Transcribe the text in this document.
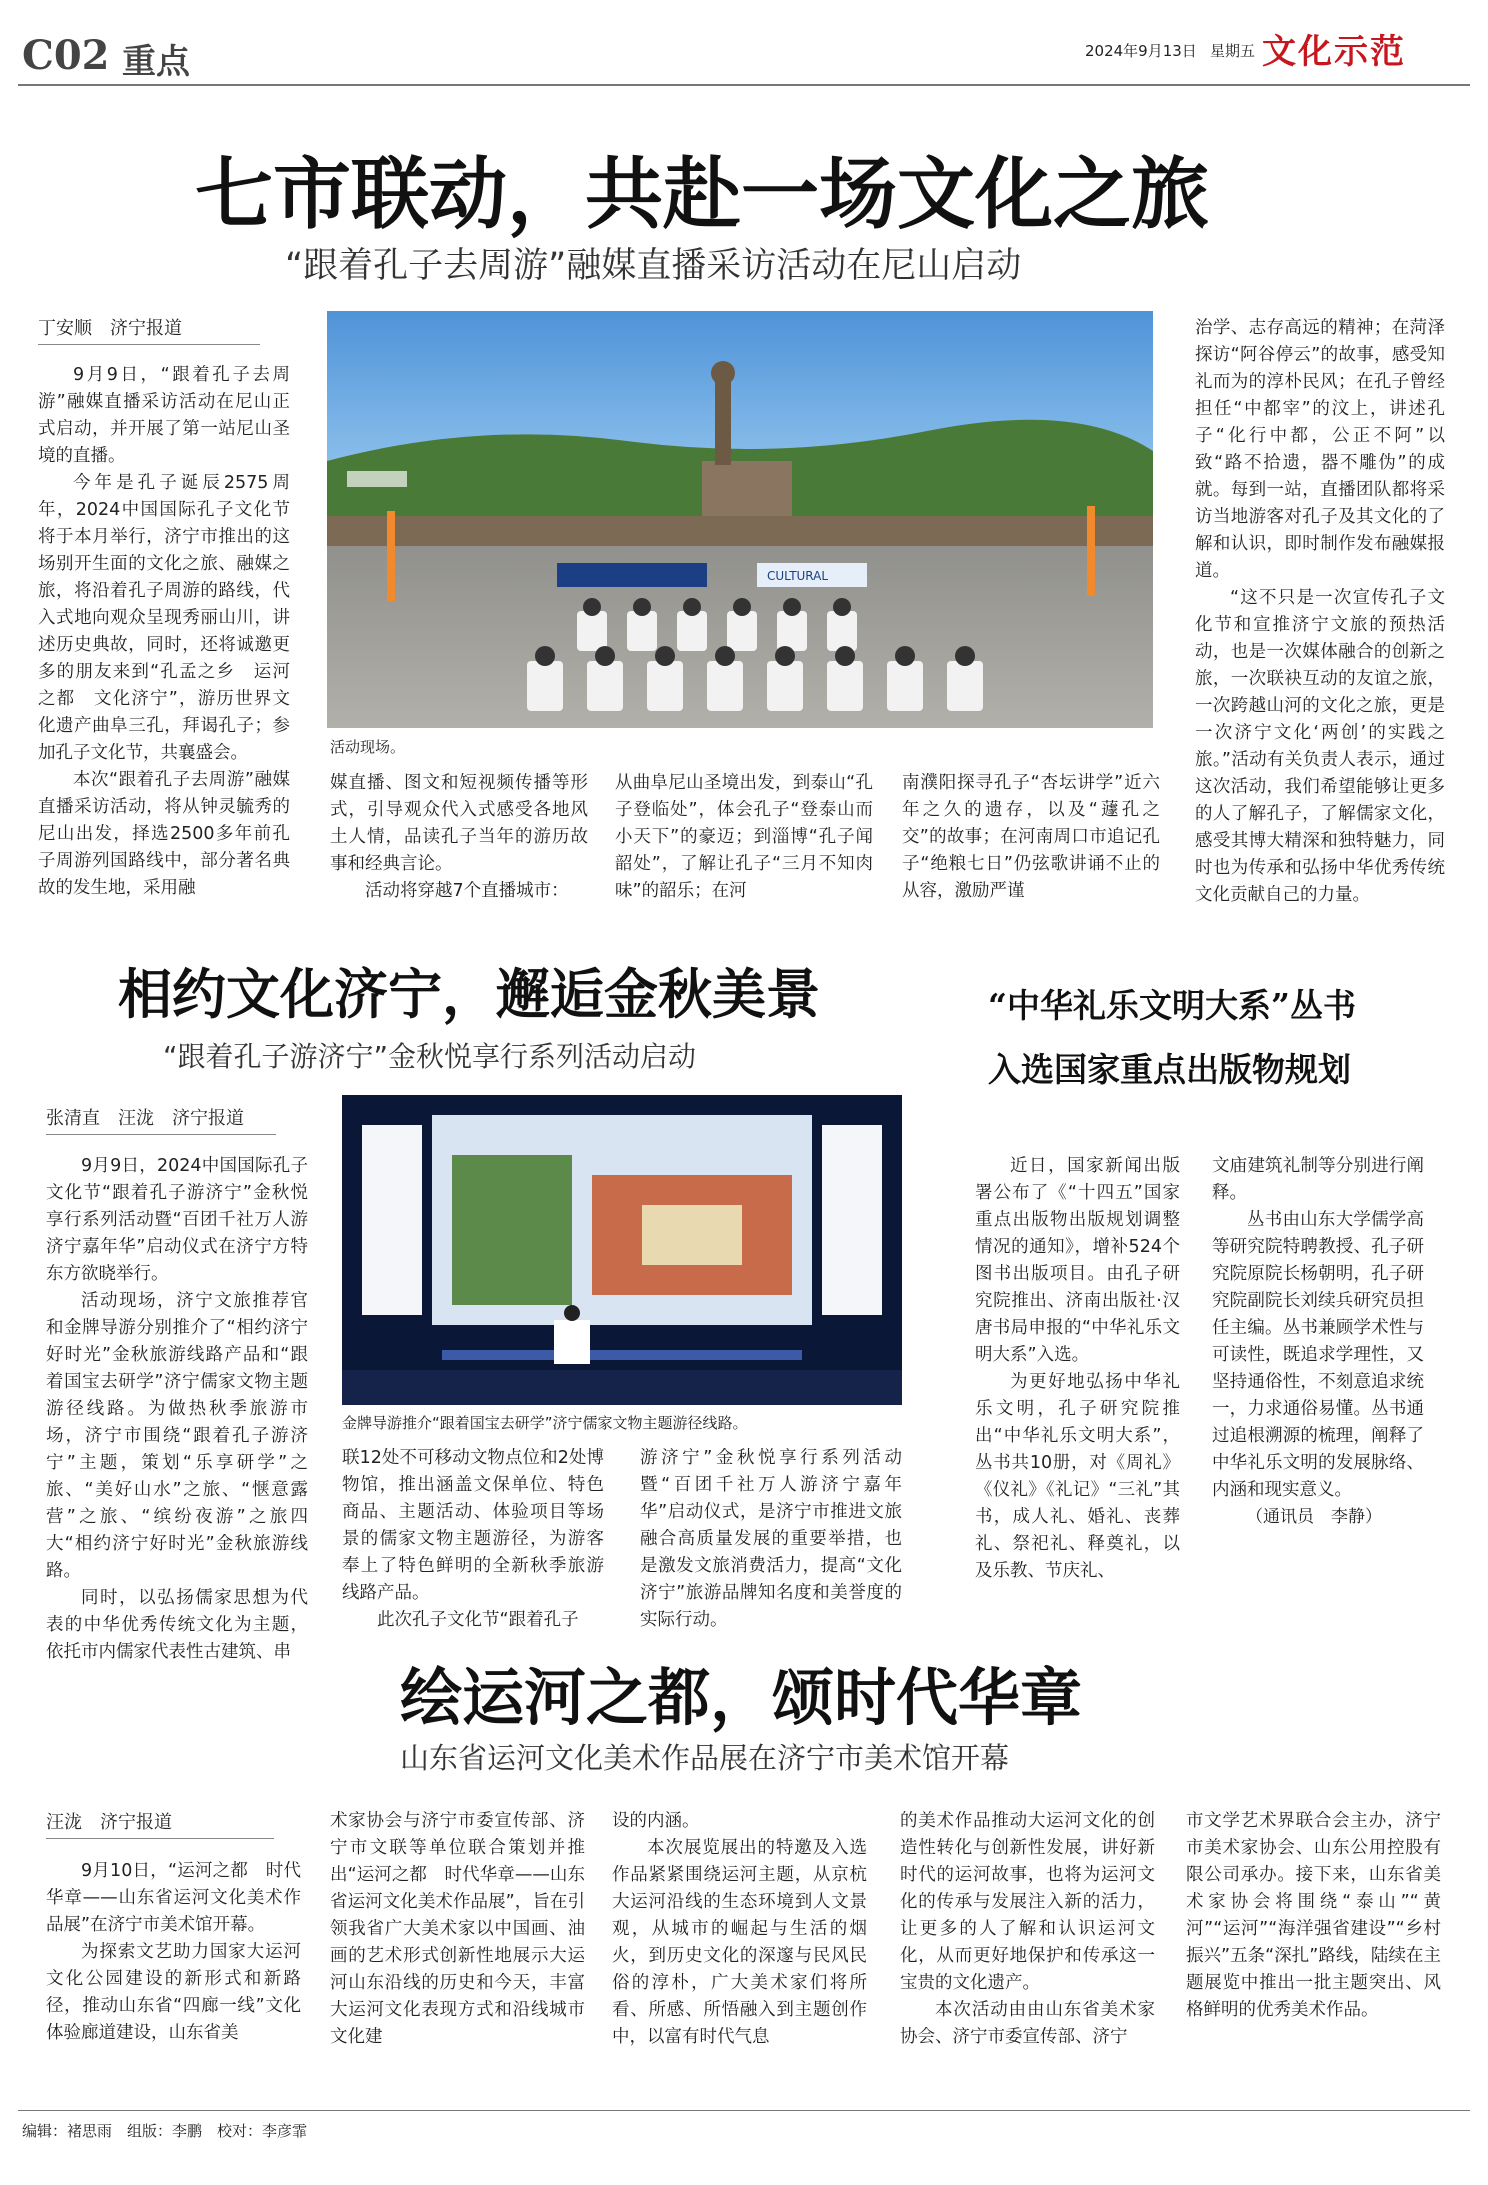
C02 重点	2024年9月13日 星期五 文化示范
七市联动，共赴一场文化之旅
“跟着孔子去周游”融媒直播采访活动在尼山启动
丁安顺　济宁报道

9月9日，“跟着孔子去周游”融媒直播采访活动在尼山正式启动，并开展了第一站尼山圣境的直播。

今年是孔子诞辰2575周年，2024中国国际孔子文化节将于本月举行，济宁市推出的这场别开生面的文化之旅、融媒之旅，将沿着孔子周游的路线，代入式地向观众呈现秀丽山川，讲述历史典故，同时，还将诚邀更多的朋友来到“孔孟之乡　运河之都　文化济宁”，游历世界文化遗产曲阜三孔，拜谒孔子；参加孔子文化节，共襄盛会。

本次“跟着孔子去周游”融媒直播采访活动，将从钟灵毓秀的尼山出发，择选2500多年前孔子周游列国路线中，部分著名典故的发生地，采用融

CULTURAL
活动现场。

媒直播、图文和短视频传播等形式，引导观众代入式感受各地风土人情，品读孔子当年的游历故事和经典言论。

活动将穿越7个直播城市：

从曲阜尼山圣境出发，到泰山“孔子登临处”，体会孔子“登泰山而小天下”的豪迈；到淄博“孔子闻韶处”，了解让孔子“三月不知肉味”的韶乐；在河

南濮阳探寻孔子“杏坛讲学”近六年之久的遗存，以及“蘧孔之交”的故事；在河南周口市追记孔子“绝粮七日”仍弦歌讲诵不止的从容，激励严谨

治学、志存高远的精神；在菏泽探访“阿谷停云”的故事，感受知礼而为的淳朴民风；在孔子曾经担任“中都宰”的汶上，讲述孔子“化行中都，公正不阿”以致“路不拾遗，器不雕伪”的成就。每到一站，直播团队都将采访当地游客对孔子及其文化的了解和认识，即时制作发布融媒报道。

“这不只是一次宣传孔子文化节和宣推济宁文旅的预热活动，也是一次媒体融合的创新之旅，一次联袂互动的友谊之旅，一次跨越山河的文化之旅，更是一次济宁文化‘两创’的实践之旅。”活动有关负责人表示，通过这次活动，我们希望能够让更多的人了解孔子，了解儒家文化，感受其博大精深和独特魅力，同时也为传承和弘扬中华优秀传统文化贡献自己的力量。

相约文化济宁，邂逅金秋美景
“跟着孔子游济宁”金秋悦享行系列活动启动
张清直　汪泷　济宁报道

9月9日，2024中国国际孔子文化节“跟着孔子游济宁”金秋悦享行系列活动暨“百团千社万人游济宁嘉年华”启动仪式在济宁方特东方欲晓举行。

活动现场，济宁文旅推荐官和金牌导游分别推介了“相约济宁好时光”金秋旅游线路产品和“跟着国宝去研学”济宁儒家文物主题游径线路。为做热秋季旅游市场，济宁市围绕“跟着孔子游济宁”主题，策划“乐享研学”之旅、“美好山水”之旅、“惬意露营”之旅、“缤纷夜游”之旅四大“相约济宁好时光”金秋旅游线路。

同时，以弘扬儒家思想为代表的中华优秀传统文化为主题，依托市内儒家代表性古建筑、串

金牌导游推介“跟着国宝去研学”济宁儒家文物主题游径线路。

联12处不可移动文物点位和2处博物馆，推出涵盖文保单位、特色商品、主题活动、体验项目等场景的儒家文物主题游径，为游客奉上了特色鲜明的全新秋季旅游线路产品。

此次孔子文化节“跟着孔子

游济宁”金秋悦享行系列活动暨“百团千社万人游济宁嘉年华”启动仪式，是济宁市推进文旅融合高质量发展的重要举措，也是激发文旅消费活力，提高“文化济宁”旅游品牌知名度和美誉度的实际行动。

“中华礼乐文明大系”丛书
入选国家重点出版物规划

近日，国家新闻出版署公布了《“十四五”国家重点出版物出版规划调整情况的通知》，增补524个图书出版项目。由孔子研究院推出、济南出版社·汉唐书局申报的“中华礼乐文明大系”入选。

为更好地弘扬中华礼乐文明，孔子研究院推出“中华礼乐文明大系”，丛书共10册，对《周礼》《仪礼》《礼记》“三礼”其书，成人礼、婚礼、丧葬礼、祭祀礼、释奠礼，以及乐教、节庆礼、

文庙建筑礼制等分别进行阐释。

丛书由山东大学儒学高等研究院特聘教授、孔子研究院原院长杨朝明，孔子研究院副院长刘续兵研究员担任主编。丛书兼顾学术性与可读性，既追求学理性，又坚持通俗性，不刻意追求统一，力求通俗易懂。丛书通过追根溯源的梳理，阐释了中华礼乐文明的发展脉络、内涵和现实意义。

（通讯员　李静）
绘运河之都，颂时代华章
山东省运河文化美术作品展在济宁市美术馆开幕
汪泷　济宁报道

9月10日，“运河之都　时代华章——山东省运河文化美术作品展”在济宁市美术馆开幕。

为探索文艺助力国家大运河文化公园建设的新形式和新路径，推动山东省“四廊一线”文化体验廊道建设，山东省美

术家协会与济宁市委宣传部、济宁市文联等单位联合策划并推出“运河之都　时代华章——山东省运河文化美术作品展”，旨在引领我省广大美术家以中国画、油画的艺术形式创新性地展示大运河山东沿线的历史和今天，丰富大运河文化表现方式和沿线城市文化建

设的内涵。

本次展览展出的特邀及入选作品紧紧围绕运河主题，从京杭大运河沿线的生态环境到人文景观，从城市的崛起与生活的烟火，到历史文化的深邃与民风民俗的淳朴，广大美术家们将所看、所感、所悟融入到主题创作中，以富有时代气息

的美术作品推动大运河文化的创造性转化与创新性发展，讲好新时代的运河故事，也将为运河文化的传承与发展注入新的活力，让更多的人了解和认识运河文化，从而更好地保护和传承这一宝贵的文化遗产。

本次活动由由山东省美术家协会、济宁市委宣传部、济宁

市文学艺术界联合会主办，济宁市美术家协会、山东公用控股有限公司承办。接下来，山东省美术家协会将围绕“泰山”“黄河”“运河”“海洋强省建设”“乡村振兴”五条“深扎”路线，陆续在主题展览中推出一批主题突出、风格鲜明的优秀美术作品。

编辑：褚思雨　组版：李鹏　校对：李彦霏
